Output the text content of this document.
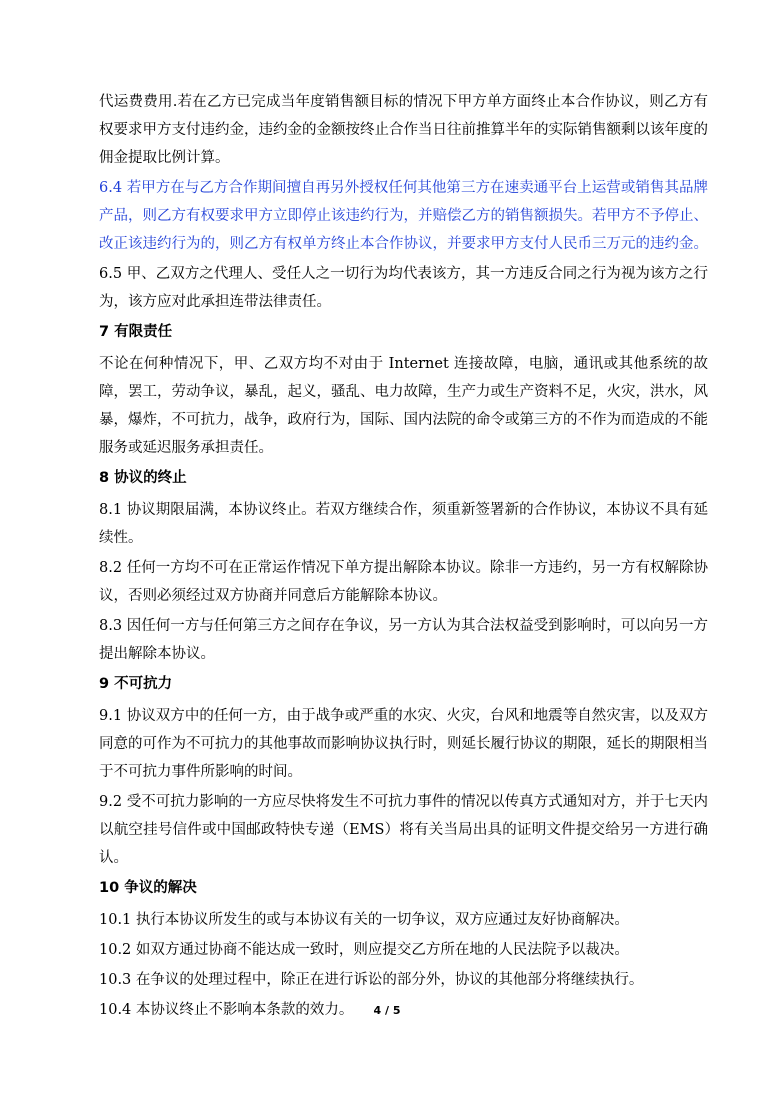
代运费费用.若在乙方已完成当年度销售额目标的情况下甲方单方面终止本合作协议，则乙方有权要求甲方支付违约金，违约金的金额按终止合作当日往前推算半年的实际销售额剩以该年度的佣金提取比例计算。

6.4 若甲方在与乙方合作期间擅自再另外授权任何其他第三方在速卖通平台上运营或销售其品牌产品，则乙方有权要求甲方立即停止该违约行为，并赔偿乙方的销售额损失。若甲方不予停止、改正该违约行为的，则乙方有权单方终止本合作协议，并要求甲方支付人民币三万元的违约金。

6.5 甲、乙双方之代理人、受任人之一切行为均代表该方，其一方违反合同之行为视为该方之行为，该方应对此承担连带法律责任。

7 有限责任

不论在何种情况下，甲、乙双方均不对由于 Internet 连接故障，电脑，通讯或其他系统的故障，罢工，劳动争议，暴乱，起义，骚乱、电力故障，生产力或生产资料不足，火灾，洪水，风暴，爆炸，不可抗力，战争，政府行为，国际、国内法院的命令或第三方的不作为而造成的不能服务或延迟服务承担责任。

8 协议的终止

8.1 协议期限届满，本协议终止。若双方继续合作，须重新签署新的合作协议，本协议不具有延续性。

8.2 任何一方均不可在正常运作情况下单方提出解除本协议。除非一方违约，另一方有权解除协议，否则必须经过双方协商并同意后方能解除本协议。

8.3 因任何一方与任何第三方之间存在争议，另一方认为其合法权益受到影响时，可以向另一方提出解除本协议。

9 不可抗力

9.1 协议双方中的任何一方，由于战争或严重的水灾、火灾，台风和地震等自然灾害，以及双方同意的可作为不可抗力的其他事故而影响协议执行时，则延长履行协议的期限，延长的期限相当于不可抗力事件所影响的时间。

9.2 受不可抗力影响的一方应尽快将发生不可抗力事件的情况以传真方式通知对方，并于七天内以航空挂号信件或中国邮政特快专递（EMS）将有关当局出具的证明文件提交给另一方进行确认。

10 争议的解决

10.1 执行本协议所发生的或与本协议有关的一切争议，双方应通过友好协商解决。

10.2 如双方通过协商不能达成一致时，则应提交乙方所在地的人民法院予以裁决。

10.3 在争议的处理过程中，除正在进行诉讼的部分外，协议的其他部分将继续执行。

10.4 本协议终止不影响本条款的效力。	4 / 5
